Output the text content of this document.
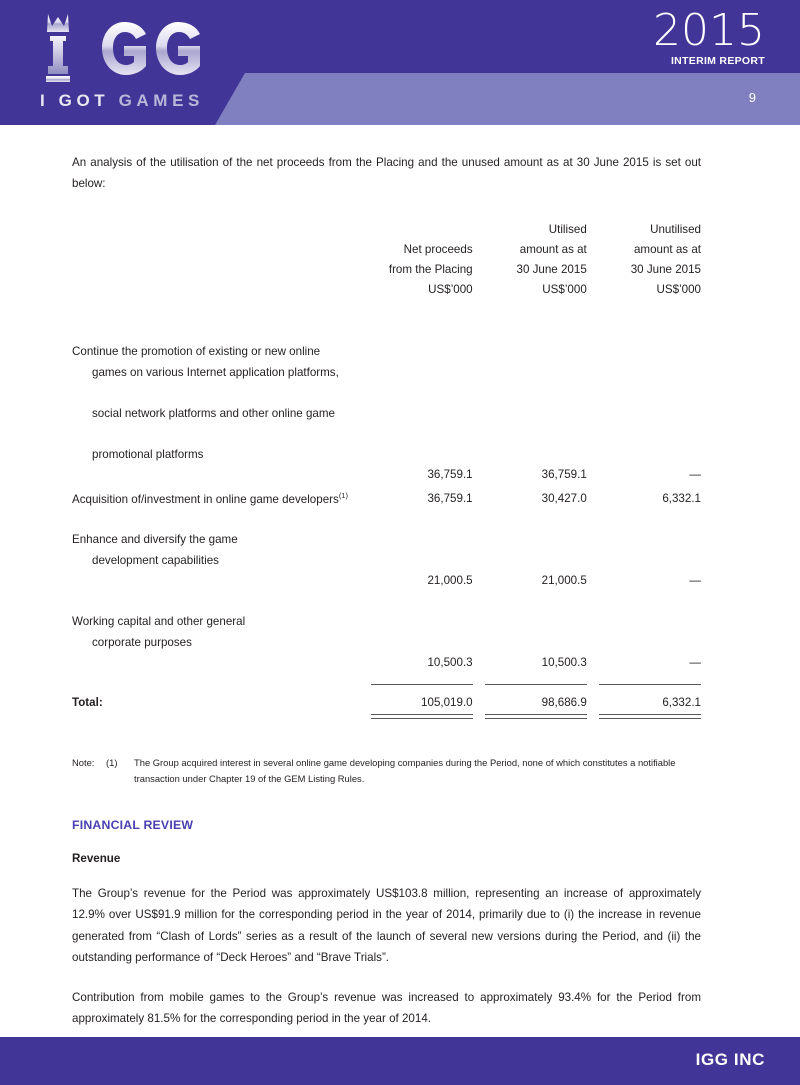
I GOT GAMES
2015
INTERIM REPORT
9

An analysis of the utilisation of the net proceeds from the Placing and the unused amount as at 30 June 2015 is set out below:

			Utilised		Unutilised
	Net proceeds		amount as at		amount as at
	from the Placing		30 June 2015		30 June 2015
	US$’000		US$’000		US$’000

Continue the promotion of existing or new online

games on various Internet application platforms,

social network platforms and other online game

promotional platforms	36,759.1		36,759.1		—
Acquisition of/investment in online game developers$^{(1)}$	36,759.1		30,427.0		6,332.1

Enhance and diversify the game

development capabilities	21,000.5		21,000.5		—

Working capital and other general

corporate purposes	10,500.3		10,500.3		—

Total:	105,019.0		98,686.9		6,332.1

Note:	(1)	The Group acquired interest in several online game developing companies during the Period, none of which constitutes a notifiable transaction under Chapter 19 of the GEM Listing Rules.
FINANCIAL REVIEW
Revenue

The Group’s revenue for the Period was approximately US$103.8 million, representing an increase of approximately 12.9% over US$91.9 million for the corresponding period in the year of 2014, primarily due to (i) the increase in revenue generated from “Clash of Lords” series as a result of the launch of several new versions during the Period, and (ii) the outstanding performance of “Deck Heroes” and “Brave Trials”.

Contribution from mobile games to the Group’s revenue was increased to approximately 93.4% for the Period from approximately 81.5% for the corresponding period in the year of 2014.

IGG INC
